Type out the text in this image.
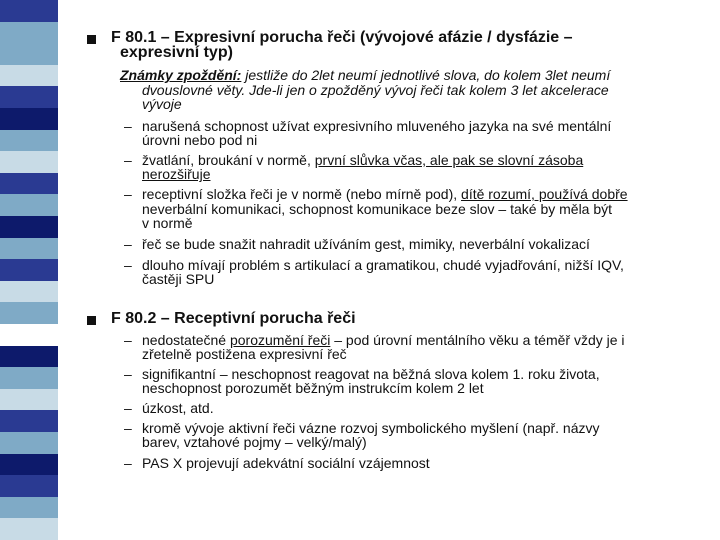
F 80.1 – Expresivní porucha řeči (vývojové afázie / dysfázie –
expresivní typ)
Známky zpoždění: jestliže do 2let neumí jednotlivé slova, do kolem 3let neumí
dvouslovné věty. Jde-li jen o zpožděný vývoj řeči tak kolem 3 let akcelerace
vývoje
– narušená schopnost užívat expresivního mluveného jazyka na své mentální
úrovni nebo pod ni
– žvatlání, broukání v normě, první slůvka včas, ale pak se slovní zásoba
nerozšiřuje
– receptivní složka řeči je v normě (nebo mírně pod), dítě rozumí, používá dobře
neverbální komunikaci, schopnost komunikace beze slov – také by měla být
v normě
– řeč se bude snažit nahradit užíváním gest, mimiky, neverbální vokalizací
– dlouho mívají problém s artikulací a gramatikou, chudé vyjadřování, nižší IQV,
častěji SPU
F 80.2 – Receptivní porucha řeči
– nedostatečné porozumění řeči – pod úrovní mentálního věku a téměř vždy je i
zřetelně postižena expresivní řeč
– signifikantní – neschopnost reagovat na běžná slova kolem 1. roku života,
neschopnost porozumět běžným instrukcím kolem 2 let
– úzkost, atd.
– kromě vývoje aktivní řeči vázne rozvoj symbolického myšlení (např. názvy
barev, vztahové pojmy – velký/malý)
– PAS X projevují adekvátní sociální vzájemnost
